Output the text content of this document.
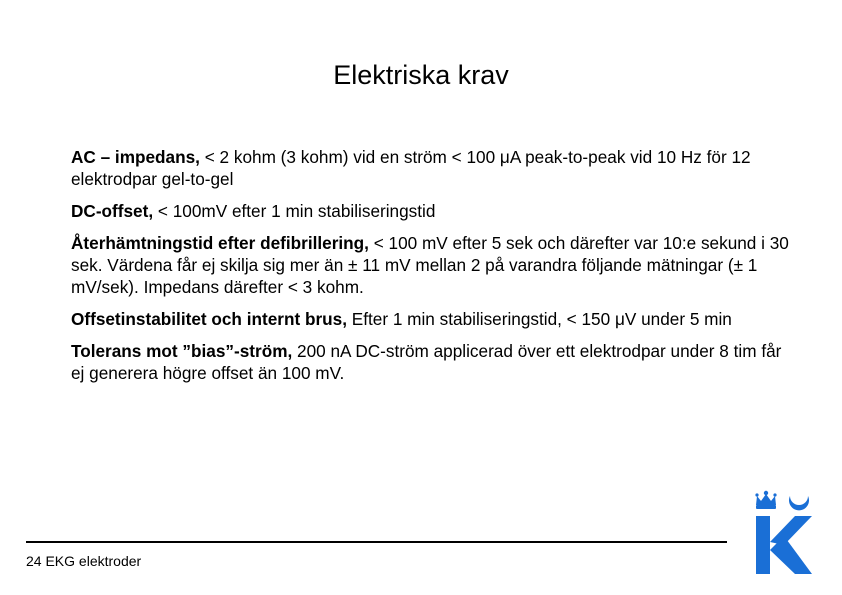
Elektriska krav

AC – impedans, < 2 kohm (3 kohm) vid en ström < 100 μA peak-to-peak vid 10 Hz för 12 elektrodpar gel-to-gel

DC-offset, < 100mV efter 1 min stabiliseringstid

Återhämtningstid efter defibrillering, < 100 mV efter 5 sek och därefter var 10:e sekund i 30 sek. Värdena får ej skilja sig mer än ± 11 mV mellan 2 på varandra följande mätningar (± 1 mV/sek). Impedans därefter < 3 kohm.

Offsetinstabilitet och internt brus, Efter 1 min stabiliseringstid, < 150 μV under 5 min

Tolerans mot ”bias”-ström, 200 nA DC-ström applicerad över ett elektrodpar under 8 tim får ej generera högre offset än 100 mV.

24 EKG elektroder
